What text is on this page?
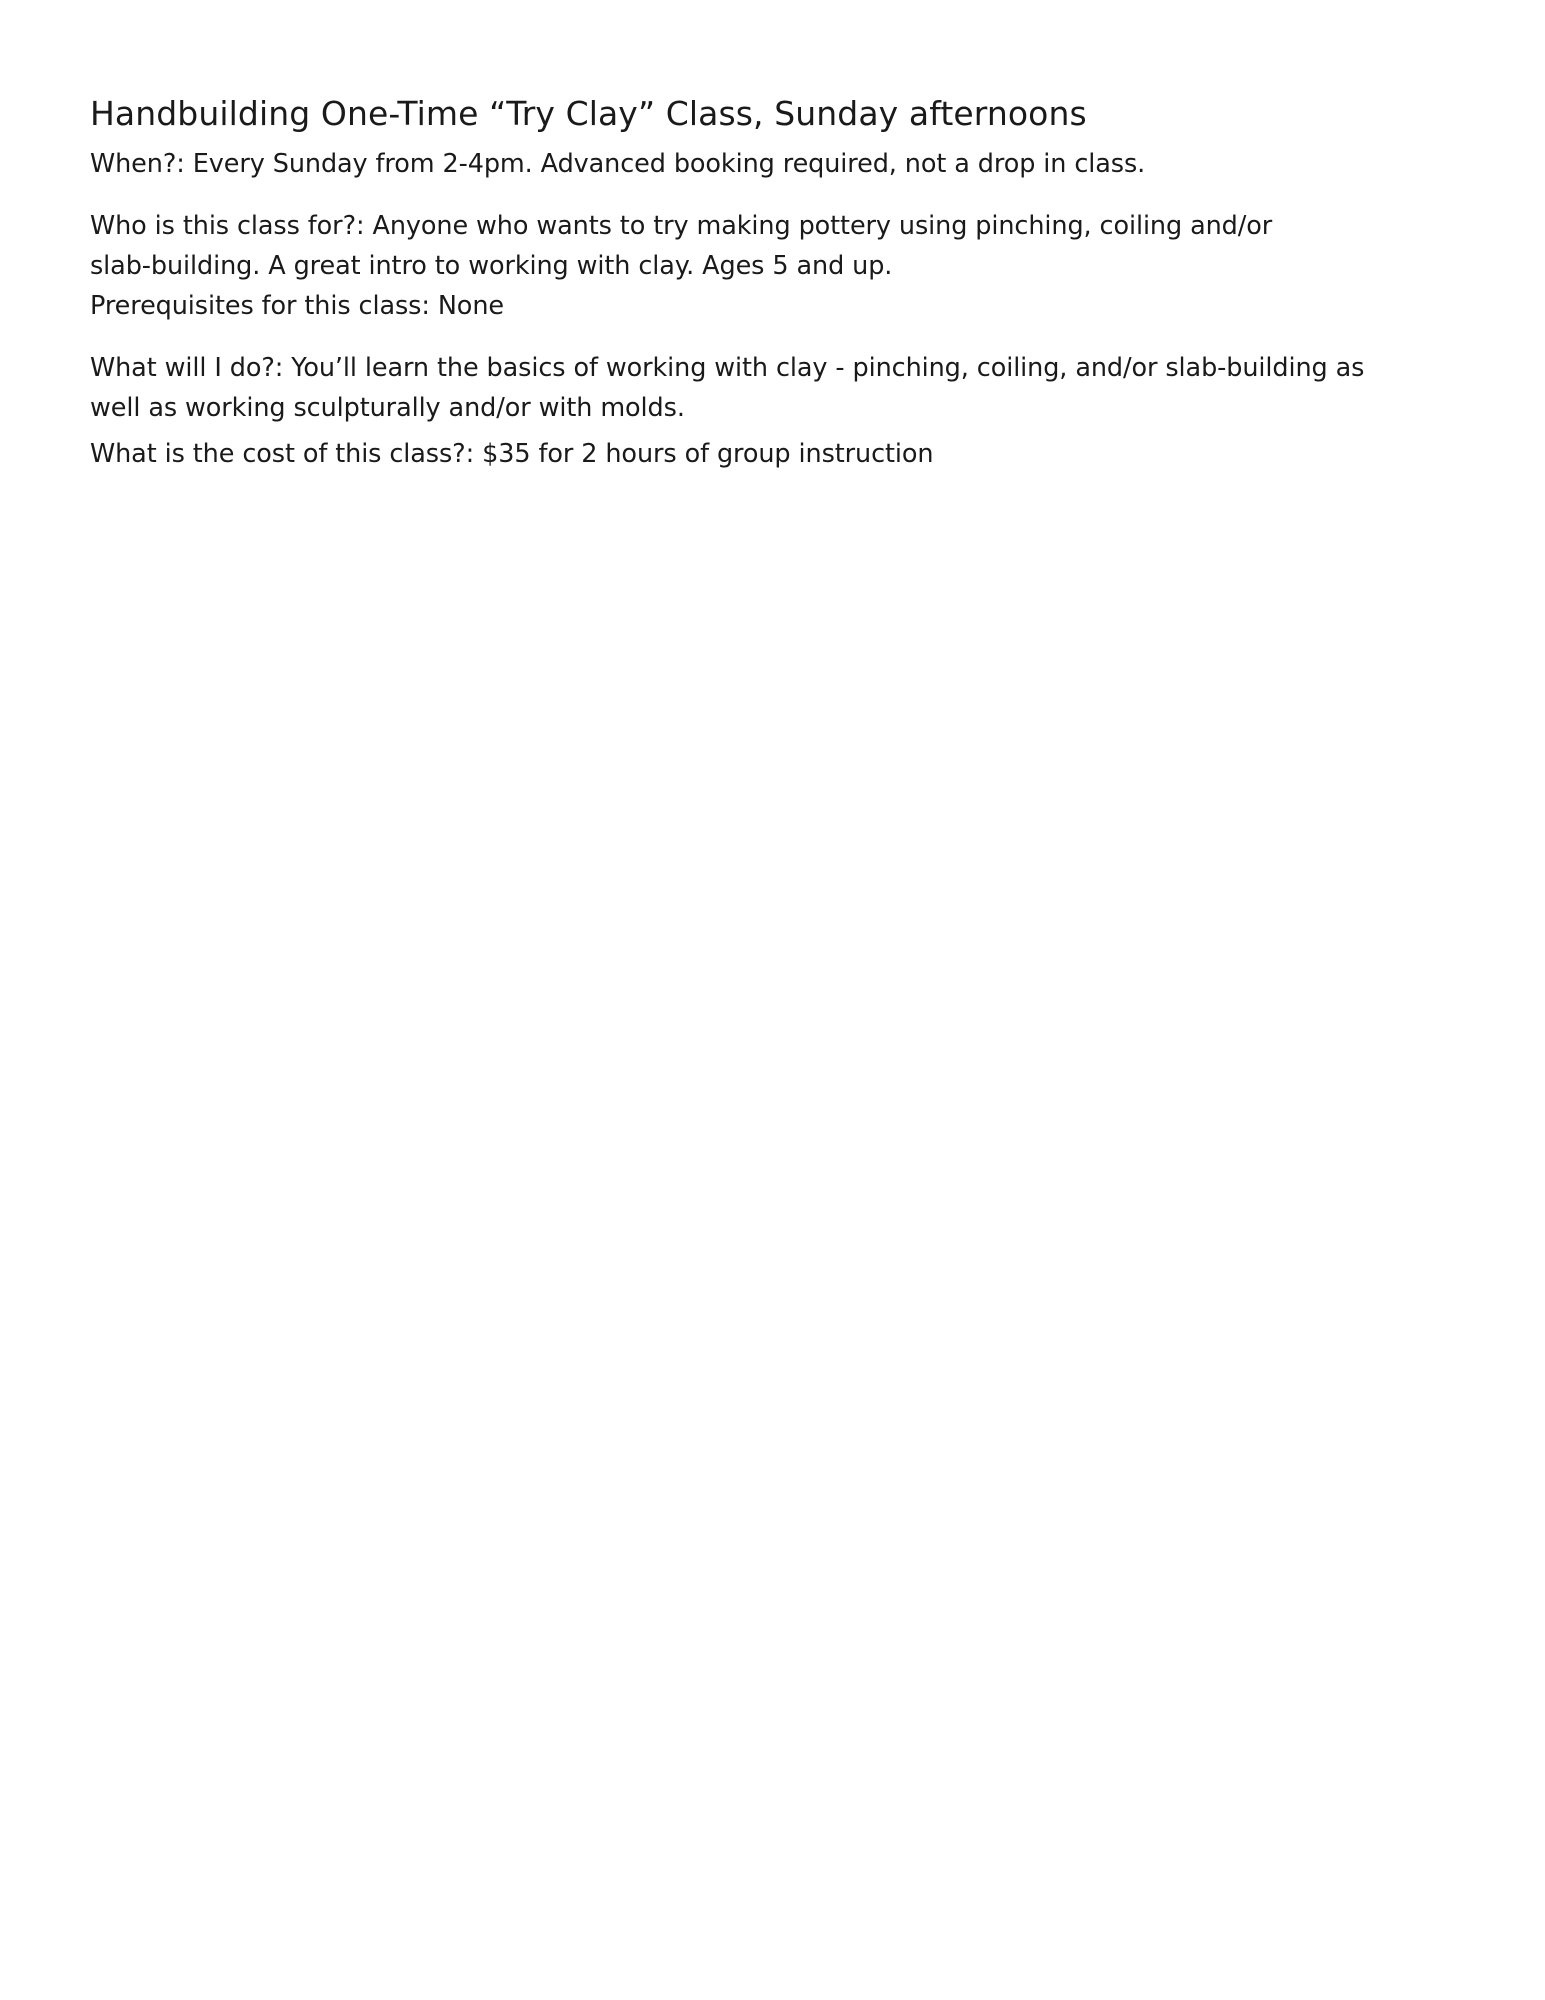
Handbuilding One-Time “Try Clay” Class, Sunday afternoons

When?: Every Sunday from 2-4pm. Advanced booking required, not a drop in class.

Who is this class for?: Anyone who wants to try making pottery using pinching, coiling and/or

slab-building. A great intro to working with clay. Ages 5 and up.

Prerequisites for this class: None

What will I do?: You’ll learn the basics of working with clay - pinching, coiling, and/or slab-building as

well as working sculpturally and/or with molds.

What is the cost of this class?: $35 for 2 hours of group instruction
